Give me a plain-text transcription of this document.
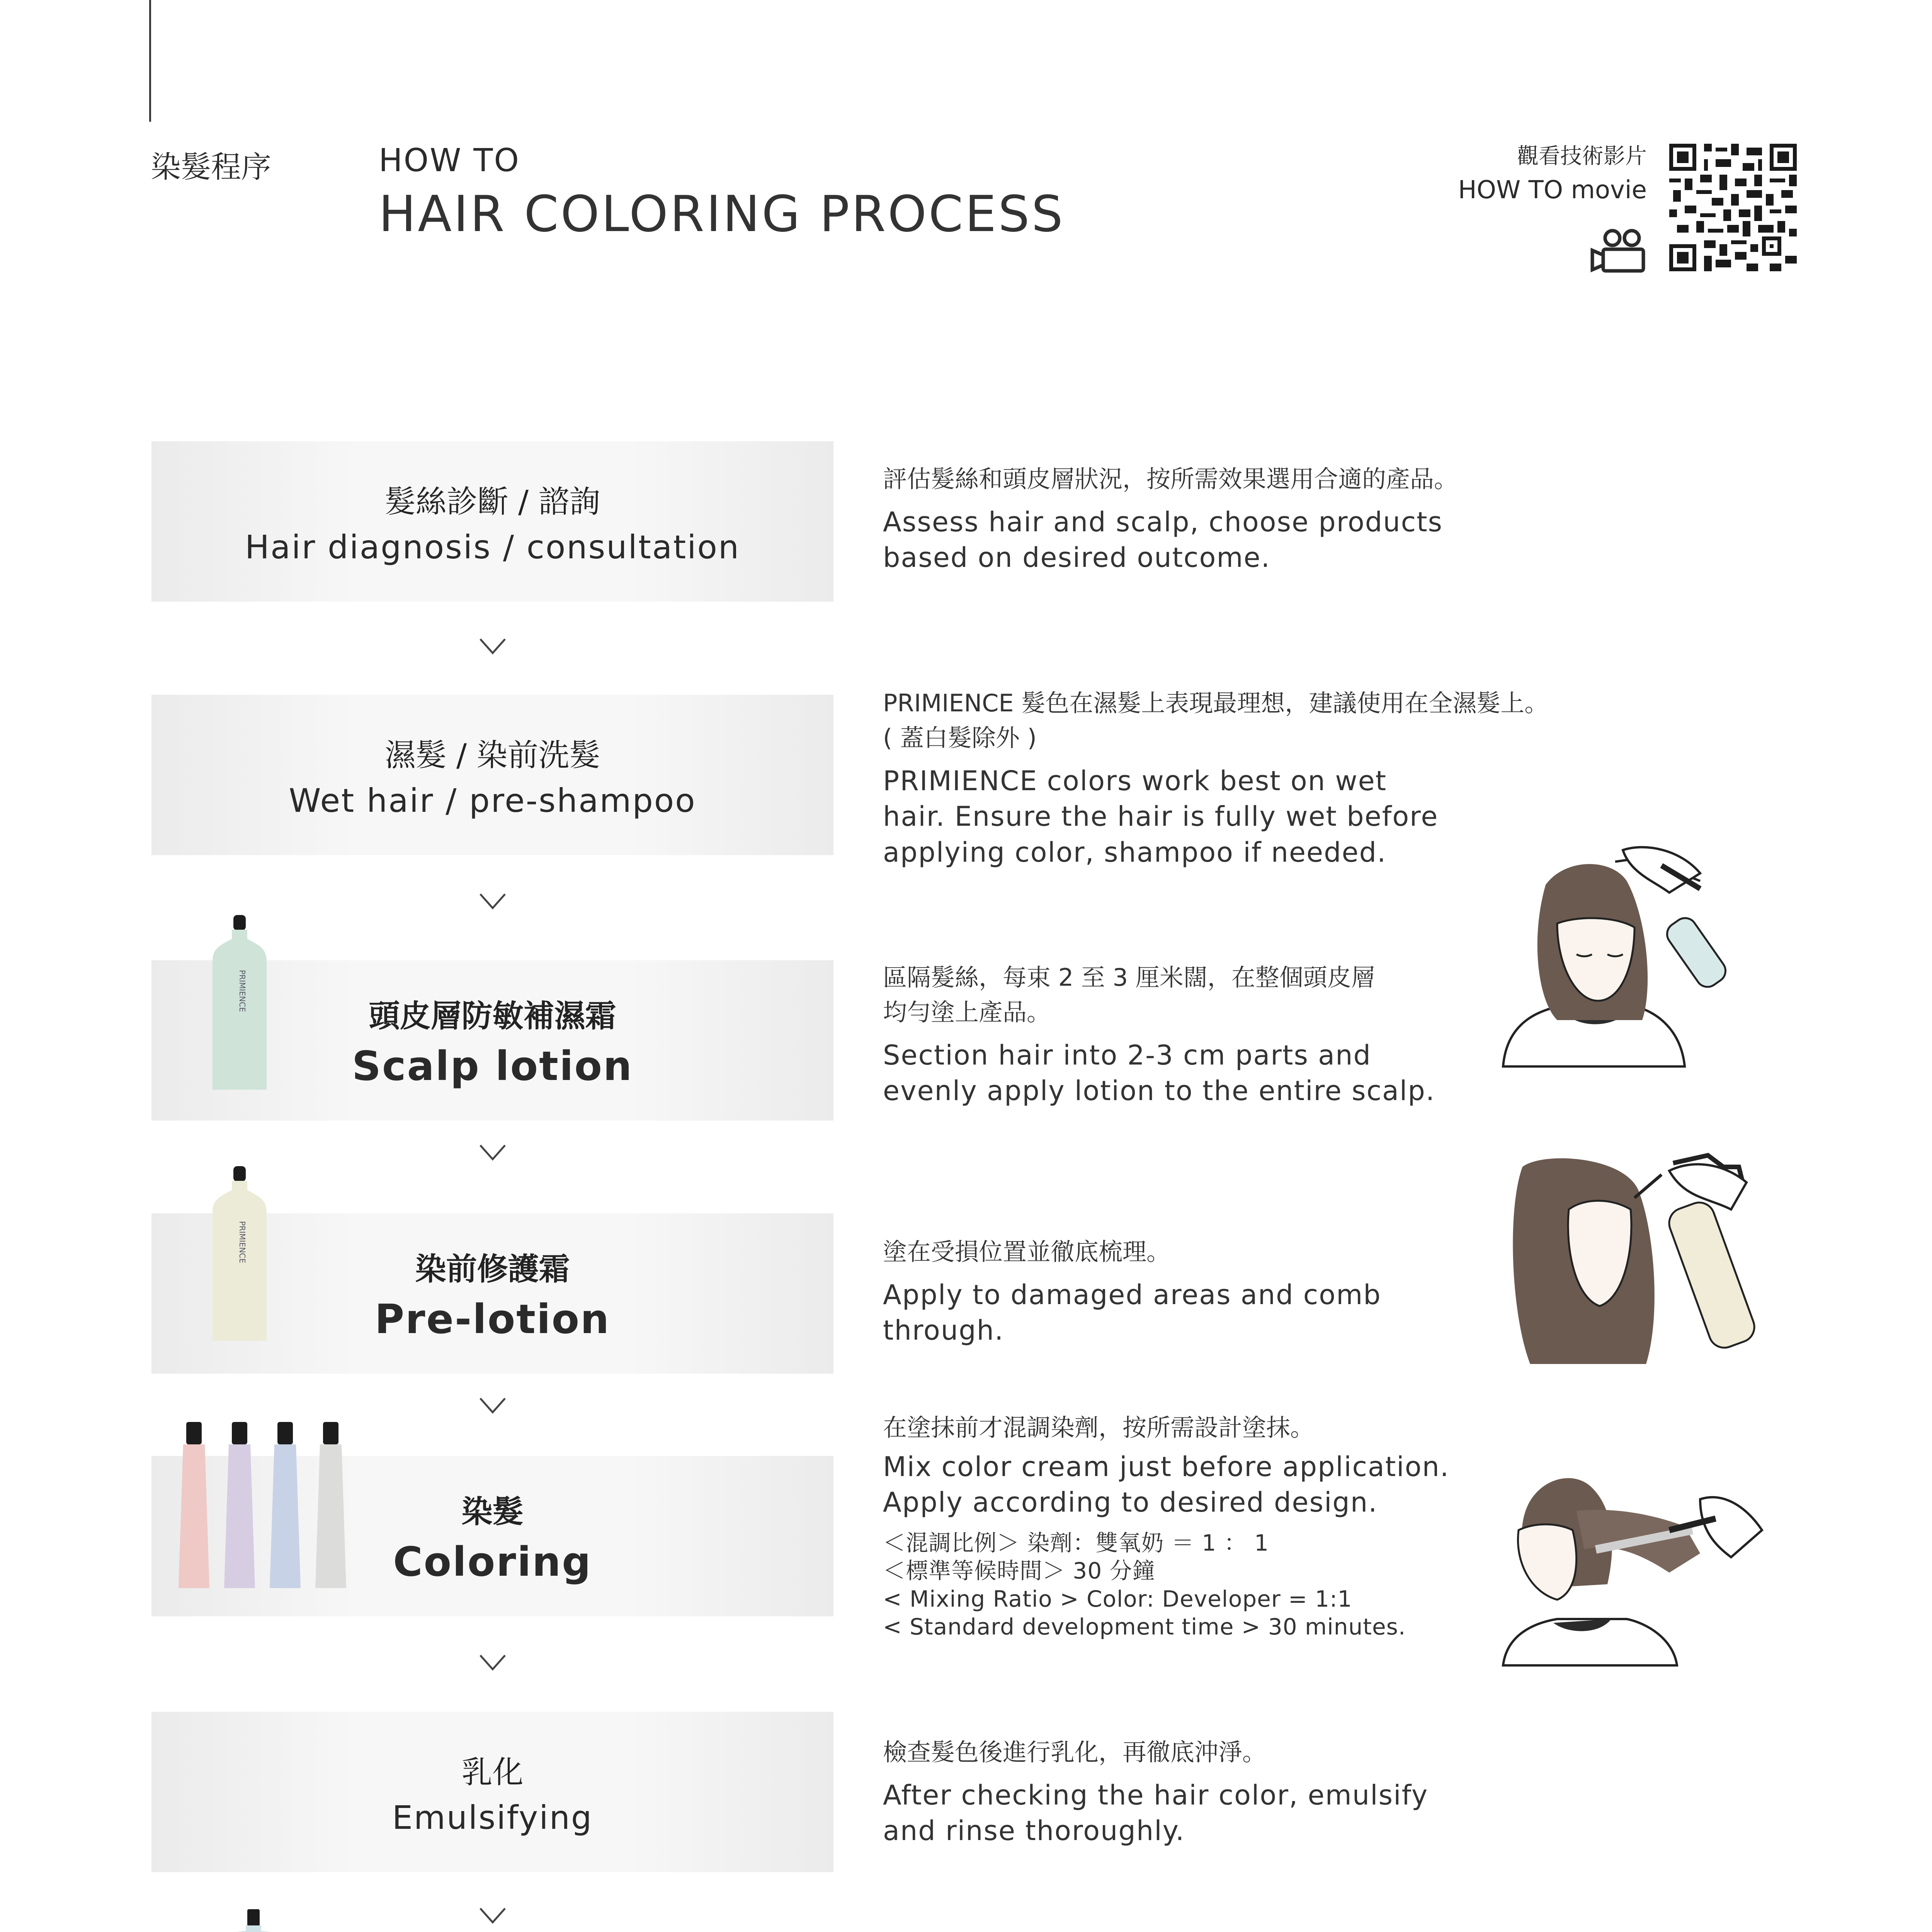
染髮程序	HOW TO
HAIR COLORING PROCESS
觀看技術影片
HOW TO movie
髮絲診斷 / 諮詢
Hair diagnosis / consultation
評估髮絲和頭皮層狀況，按所需效果選用合適的產品。
Assess hair and scalp, choose products
based on desired outcome.
濕髮 / 染前洗髮
Wet hair / pre-shampoo
PRIMIENCE 髮色在濕髮上表現最理想，建議使用在全濕髮上。
( 蓋白髮除外 )
PRIMIENCE colors work best on wet
hair. Ensure the hair is fully wet before
applying color, shampoo if needed.
頭皮層防敏補濕霜
Scalp lotion
PRIMIENCE	區隔髮絲，每束 2 至 3 厘米闊，在整個頭皮層
均勻塗上產品。
Section hair into 2-3 cm parts and
evenly apply lotion to the entire scalp.
染前修護霜
Pre-lotion
PRIMIENCE	塗在受損位置並徹底梳理。
Apply to damaged areas and comb
through.
染髮
Coloring
在塗抹前才混調染劑，按所需設計塗抹。
Mix color cream just before application.
Apply according to desired design.
＜混調比例＞ 染劑：雙氧奶 ＝ 1 ： 1
＜標準等候時間＞ 30 分鐘
< Mixing Ratio > Color: Developer = 1:1
< Standard development time > 30 minutes.
乳化
Emulsifying
檢查髮色後進行乳化，再徹底沖淨。
After checking the hair color, emulsify
and rinse thoroughly.
